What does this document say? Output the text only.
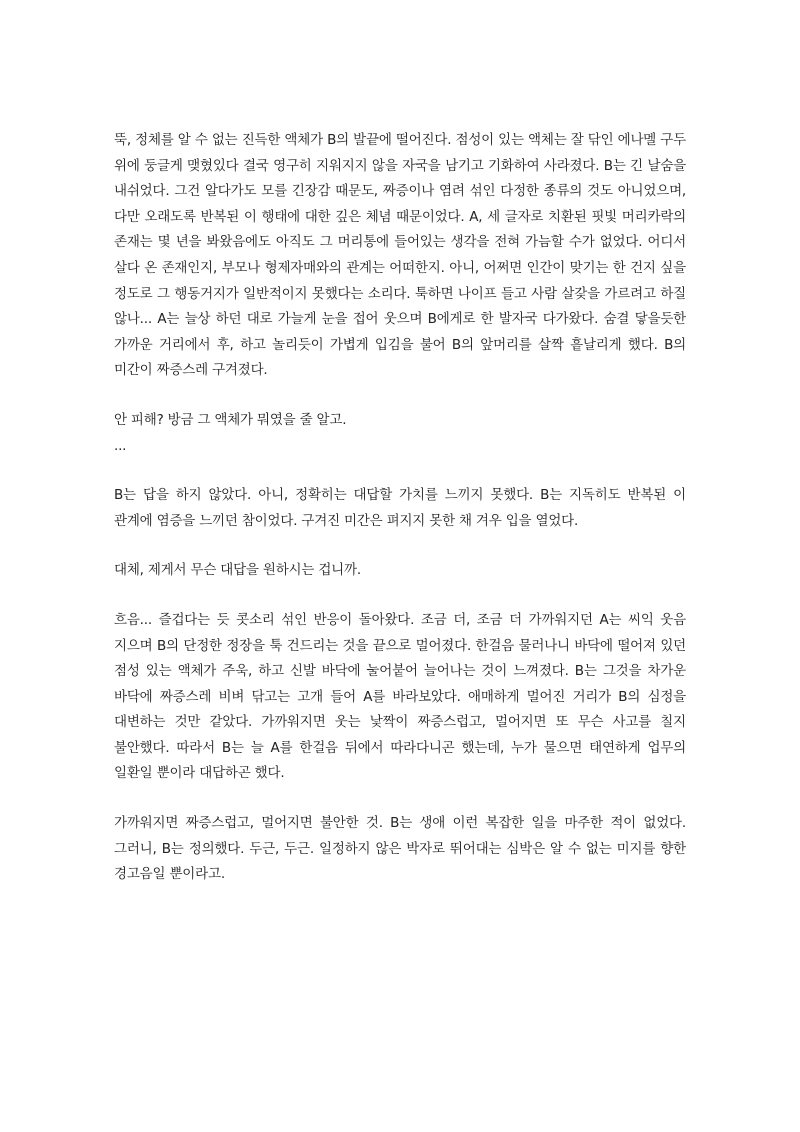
뚝, 정체를 알 수 없는 진득한 액체가 B의 발끝에 떨어진다. 점성이 있는 액체는 잘 닦인 에나멜 구두 위에 둥글게 맺혔있다 결국 영구히 지워지지 않을 자국을 남기고 기화하여 사라졌다. B는 긴 날숨을 내쉬었다. 그건 알다가도 모를 긴장감 때문도, 짜증이나 염려 섞인 다정한 종류의 것도 아니었으며, 다만 오래도록 반복된 이 행태에 대한 깊은 체념 때문이었다. A, 세 글자로 치환된 핏빛 머리카락의 존재는 몇 년을 봐왔음에도 아직도 그 머리통에 들어있는 생각을 전혀 가늠할 수가 없었다. 어디서 살다 온 존재인지, 부모나 형제자매와의 관계는 어떠한지. 아니, 어쩌면 인간이 맞기는 한 건지 싶을 정도로 그 행동거지가 일반적이지 못했다는 소리다. 툭하면 나이프 들고 사람 살갗을 가르려고 하질 않나... A는 늘상 하던 대로 가늘게 눈을 접어 웃으며 B에게로 한 발자국 다가왔다. 숨결 닿을듯한 가까운 거리에서 후, 하고 놀리듯이 가볍게 입김을 불어 B의 앞머리를 살짝 흩날리게 했다. B의 미간이 짜증스레 구겨졌다.

안 피해? 방금 그 액체가 뭐였을 줄 알고.

...

B는 답을 하지 않았다. 아니, 정확히는 대답할 가치를 느끼지 못했다. B는 지독히도 반복된 이 관계에 염증을 느끼던 참이었다. 구겨진 미간은 펴지지 못한 채 겨우 입을 열었다.

대체, 제게서 무슨 대답을 원하시는 겁니까.

흐음... 즐겁다는 듯 콧소리 섞인 반응이 돌아왔다. 조금 더, 조금 더 가까워지던 A는 씨익 웃음 지으며 B의 단정한 정장을 툭 건드리는 것을 끝으로 멀어졌다. 한걸음 물러나니 바닥에 떨어져 있던 점성 있는 액체가 주욱, 하고 신발 바닥에 눌어붙어 늘어나는 것이 느껴졌다. B는 그것을 차가운 바닥에 짜증스레 비벼 닦고는 고개 들어 A를 바라보았다. 애매하게 멀어진 거리가 B의 심정을 대변하는 것만 같았다. 가까워지면 웃는 낯짝이 짜증스럽고, 멀어지면 또 무슨 사고를 칠지 불안했다. 따라서 B는 늘 A를 한걸음 뒤에서 따라다니곤 했는데, 누가 물으면 태연하게 업무의 일환일 뿐이라 대답하곤 했다.

가까워지면 짜증스럽고, 멀어지면 불안한 것. B는 생애 이런 복잡한 일을 마주한 적이 없었다. 그러니, B는 정의했다. 두근, 두근. 일정하지 않은 박자로 뛰어대는 심박은 알 수 없는 미지를 향한 경고음일 뿐이라고.
